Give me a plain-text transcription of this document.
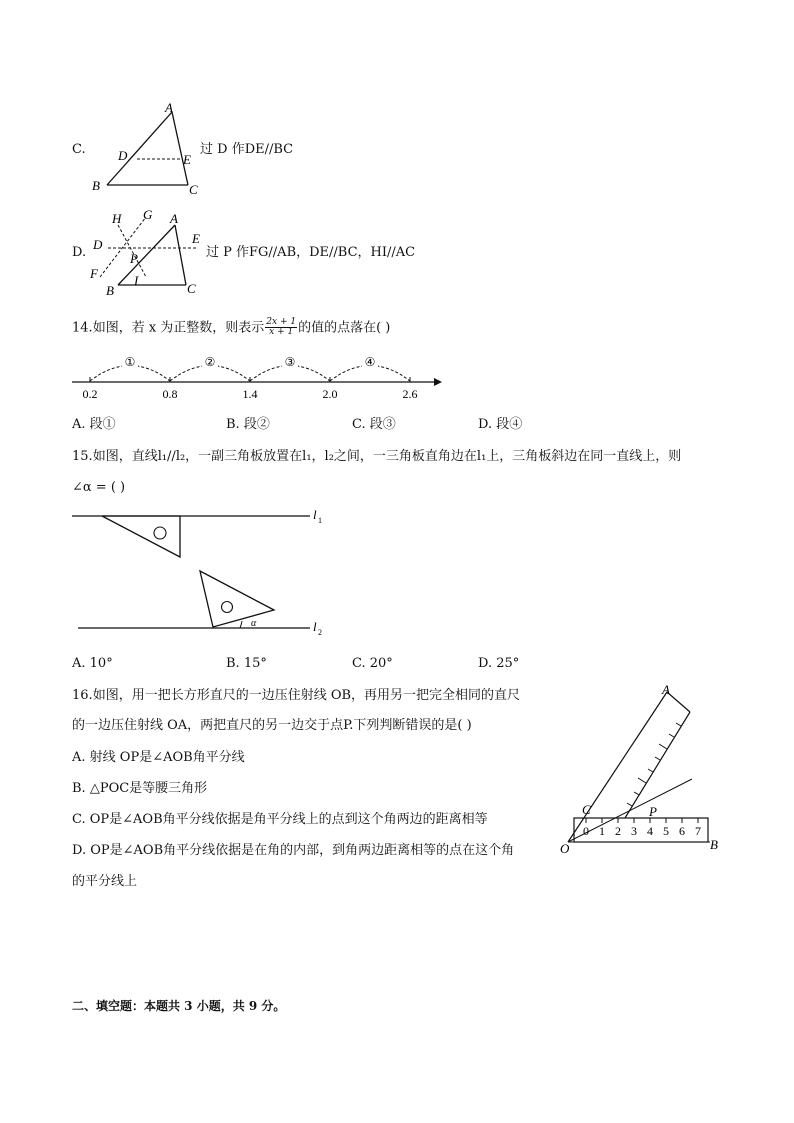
C.
A
B	C
D	E
过 D 作DE//BC
D.
A
B	C
D	E
F
G
H
I
P	过 P 作FG//AB，DE//BC，HI//AC
14.如图，若 x 为正整数，则表示 $\frac{2x + 1}{x + 1}$ 的值的点落在( )
①	②	③	④
0.2	0.8	1.4	2.0	2.6
A. 段①	B. 段②	C. 段③	D. 段④
15.如图，直线l₁//l₂，一副三角板放置在l₁，l₂之间，一三角板直角边在l₁上，三角板斜边在同一直线上，则
∠α = ( )
α
l 1
l 2
A. 10°	B. 15°	C. 20°	D. 25°
16.如图，用一把长方形直尺的一边压住射线 OB，再用另一把完全相同的直尺
的一边压住射线 OA，两把直尺的另一边交于点P.下列判断错误的是( )
A. 射线 OP是∠AOB角平分线
B. △POC是等腰三角形
C. OP是∠AOB角平分线依据是角平分线上的点到这个角两边的距离相等
D. OP是∠AOB角平分线依据是在角的内部，到角两边距离相等的点在这个角
的平分线上
0 1 2 3 4 5 6 7
A
B
C
O
P
二、填空题：本题共 3 小题，共 9 分。
